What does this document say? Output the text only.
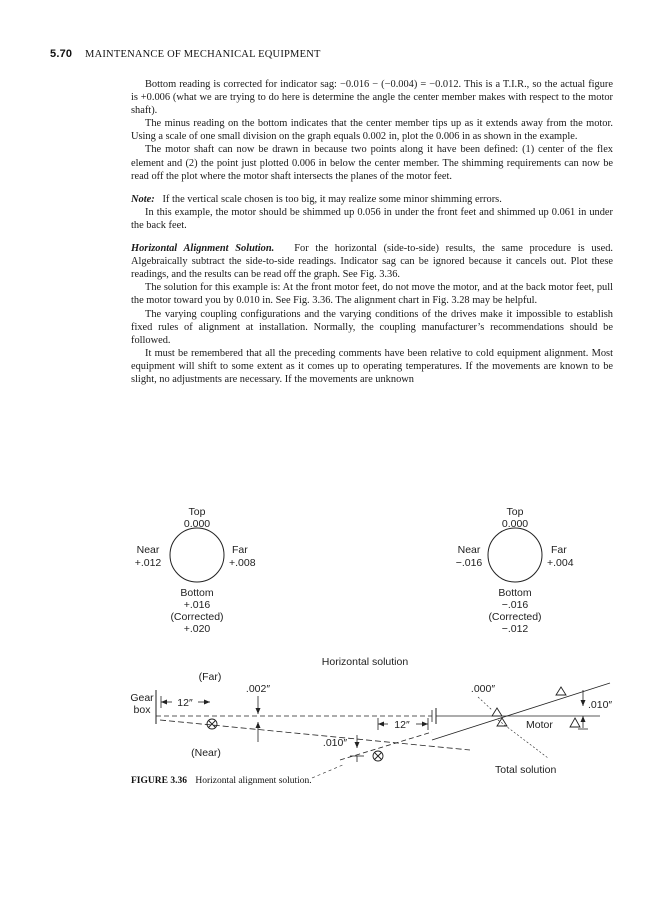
5.70 MAINTENANCE OF MECHANICAL EQUIPMENT

Bottom reading is corrected for indicator sag: −0.016 − (−0.004) = −0.012. This is a T.I.R., so the actual figure is +0.006 (what we are trying to do here is determine the angle the center member makes with respect to the motor shaft).

The minus reading on the bottom indicates that the center member tips up as it extends away from the motor. Using a scale of one small division on the graph equals 0.002 in, plot the 0.006 in as shown in the example.

The motor shaft can now be drawn in because two points along it have been defined: (1) center of the flex element and (2) the point just plotted 0.006 in below the center member. The shimming requirements can now be read off the plot where the motor shaft intersects the planes of the motor feet.

Note: If the vertical scale chosen is too big, it may realize some minor shimming errors.

In this example, the motor should be shimmed up 0.056 in under the front feet and shimmed up 0.061 in under the back feet.

Horizontal Alignment Solution. For the horizontal (side-to-side) results, the same procedure is used. Algebraically subtract the side-to-side readings. Indicator sag can be ignored because it cancels out. Plot these readings, and the results can be read off the graph. See Fig. 3.36.

The solution for this example is: At the front motor feet, do not move the motor, and at the back motor feet, pull the motor toward you by 0.010 in. See Fig. 3.36. The alignment chart in Fig. 3.28 may be helpful.

The varying coupling configurations and the varying conditions of the drives make it impossible to establish fixed rules of alignment at installation. Normally, the coupling manufacturer’s recommendations should be followed.

It must be remembered that all the preceding comments have been relative to cold equipment alignment. Most equipment will shift to some extent as it comes up to operating temperatures. If the movements are known to be slight, no adjustments are necessary. If the movements are unknown

Top
0.000
Near
+.012
Far
+.008
Bottom
+.016
(Corrected)
+.020
Top
0.000
Near
−.016
Far
+.004
Bottom
−.016
(Corrected)
−.012
Horizontal solution
(Far)
Gear
box
12″
.002″
12″
.010″
(Near)
.000″
.010″
Motor
Total solution
FIGURE 3.36 Horizontal alignment solution.
